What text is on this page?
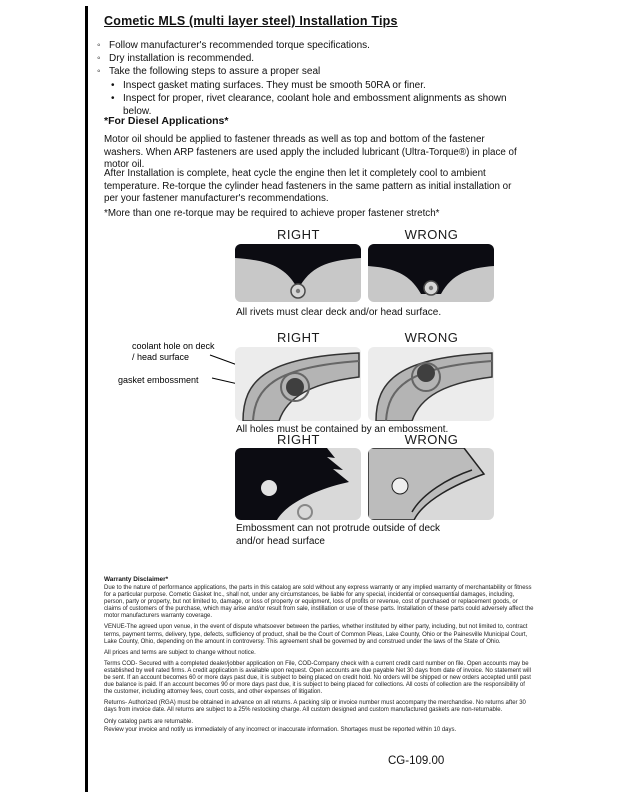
Cometic MLS (multi layer steel) Installation Tips
◦
Follow manufacturer's recommended torque specifications.
◦
Dry installation is recommended.
◦
Take the following steps to assure a proper seal
•
Inspect gasket mating surfaces. They must be smooth 50RA or finer.
•
Inspect for proper, rivet clearance, coolant hole and embossment alignments as shown below.
*For Diesel Applications*

Motor oil should be applied to fastener threads as well as top and bottom of the fastener washers. When ARP fasteners are used apply the included lubricant (Ultra-Torque®) in place of motor oil.

After Installation is complete, heat cycle the engine then let it completely cool to ambient temperature. Re-torque the cylinder head fasteners in the same pattern as initial installation or per your fastener manufacturer's recommendations.

*More than one re-torque may be required to achieve proper fastener stretch*

RIGHT	WRONG
All rivets must clear deck and/or head surface.
RIGHT	WRONG
coolant hole on deck / head surface
gasket embossment
All holes must be contained by an embossment.
RIGHT	WRONG
Embossment can not protrude outside of deck and/or head surface
Warranty Disclaimer*

Due to the nature of performance applications, the parts in this catalog are sold without any express warranty or any implied warranty of merchantability or fitness for a particular purpose. Cometic Gasket Inc., shall not, under any circumstances, be liable for any special, incidental or consequential damages, including, person, party or property, but not limited to, damage, or loss of property or equipment, loss of profits or revenue, cost of purchased or replacement goods, or claims of customers of the purchase, which may arise and/or result from sale, instillation or use of these parts. Installation of these parts could adversely affect the motor manufacturers warranty coverage.

VENUE-The agreed upon venue, in the event of dispute whatsoever between the parties, whether instituted by either party, including, but not limited to, contract terms, payment terms, delivery, type, defects, sufficiency of product, shall be the Court of Common Pleas, Lake County, Ohio or the Painesville Municipal Court, Lake County, Ohio, depending on the amount in controversy. This agreement shall be governed by and construed under the laws of the State of Ohio.

All prices and terms are subject to change without notice.

Terms COD- Secured with a completed dealer/jobber application on File, COD-Company check with a current credit card number on file. Open accounts may be established by well rated firms. A credit application is available upon request. Open accounts are due payable Net 30 days from date of invoice. No statement will be sent. If an account becomes 60 or more days past due, it is subject to being placed on credit hold. No orders will be shipped or new orders accepted until past due balance is paid. If an account becomes 90 or more days past due, it is subject to being placed for collections. All costs of collection are the responsibility of the customer, including attorney fees, court costs, and other expenses of litigation.

Returns- Authorized (RGA) must be obtained in advance on all returns. A packing slip or invoice number must accompany the merchandise. No returns after 30 days from invoice date. All returns are subject to a 25% restocking charge. All custom designed and custom manufactured gaskets are non-returnable.

Only catalog parts are returnable.

Review your invoice and notify us immediately of any incorrect or inaccurate information. Shortages must be reported within 10 days.

CG-109.00
